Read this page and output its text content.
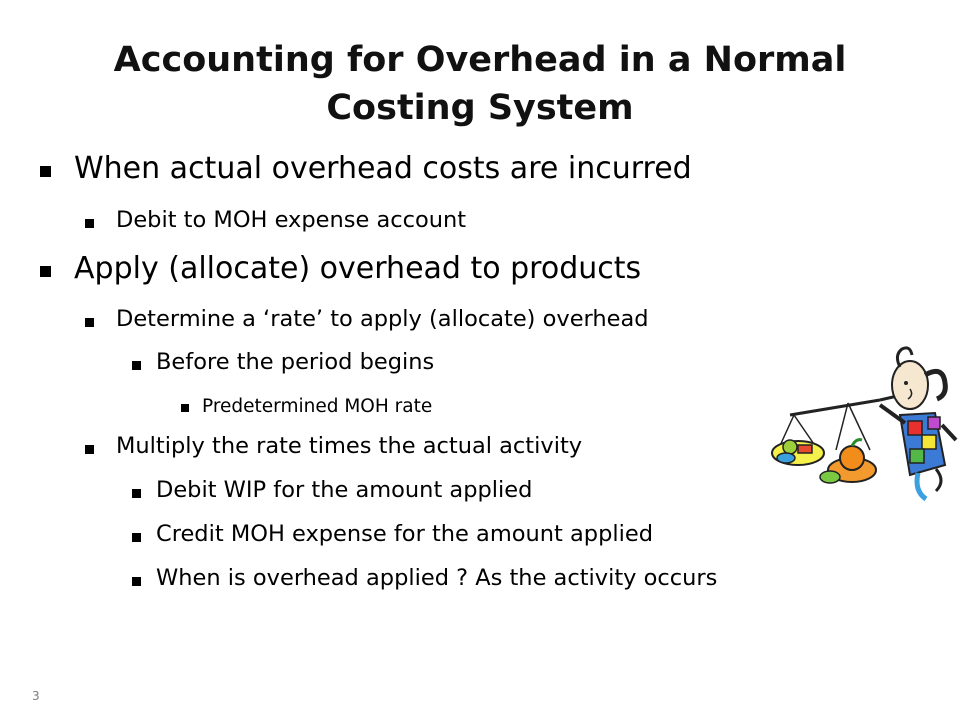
Accounting for Overhead in a Normal Costing System
When actual overhead costs are incurred
Debit to MOH expense account
Apply (allocate) overhead to products
Determine a ‘rate’ to apply (allocate) overhead
Before the period begins
Predetermined MOH rate
Multiply the rate times the actual activity
Debit WIP for the amount applied
Credit MOH expense for the amount applied
When is overhead applied ? As the activity occurs
3
